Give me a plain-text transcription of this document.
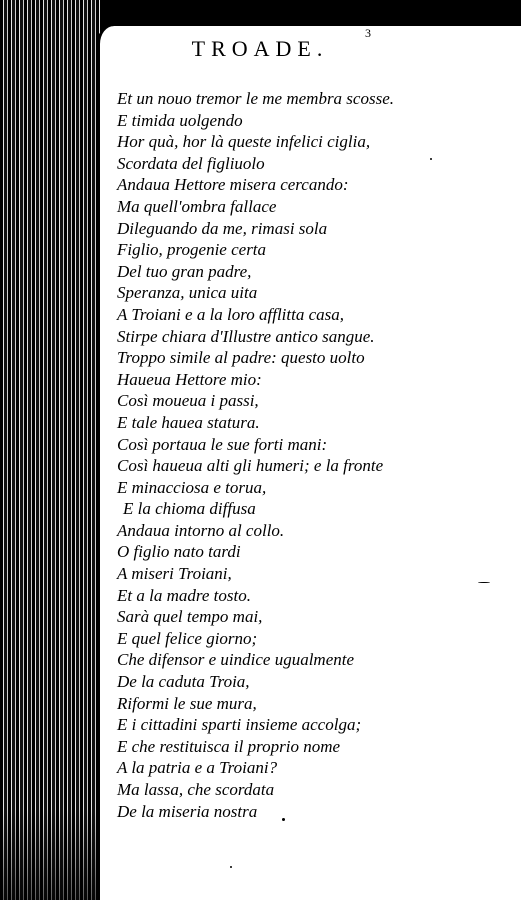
3
TROADE.
Et un nouo tremor le me membra scosse.
E timida uolgendo
Hor quà, hor là queste infelici ciglia,
Scordata del figliuolo
Andaua Hettore misera cercando:
Ma quell'ombra fallace
Dileguando da me, rimasi sola
Figlio, progenie certa
Del tuo gran padre,
Speranza, unica uita
A Troiani e a la loro afflitta casa,
Stirpe chiara d'Illustre antico sangue.
Troppo simile al padre: questo uolto
Haueua Hettore mio:
Così moueua i passi,
E tale hauea statura.
Così portaua le sue forti mani:
Così haueua alti gli humeri; e la fronte
E minacciosa e torua,
E la chioma diffusa
Andaua intorno al collo.
O figlio nato tardi
A miseri Troiani,
Et a la madre tosto.
Sarà quel tempo mai,
E quel felice giorno;
Che difensor e uindice ugualmente
De la caduta Troia,
Riformi le sue mura,
E i cittadini sparti insieme accolga;
E che restituisca il proprio nome
A la patria e a Troiani?
Ma lassa, che scordata
De la miseria nostra
